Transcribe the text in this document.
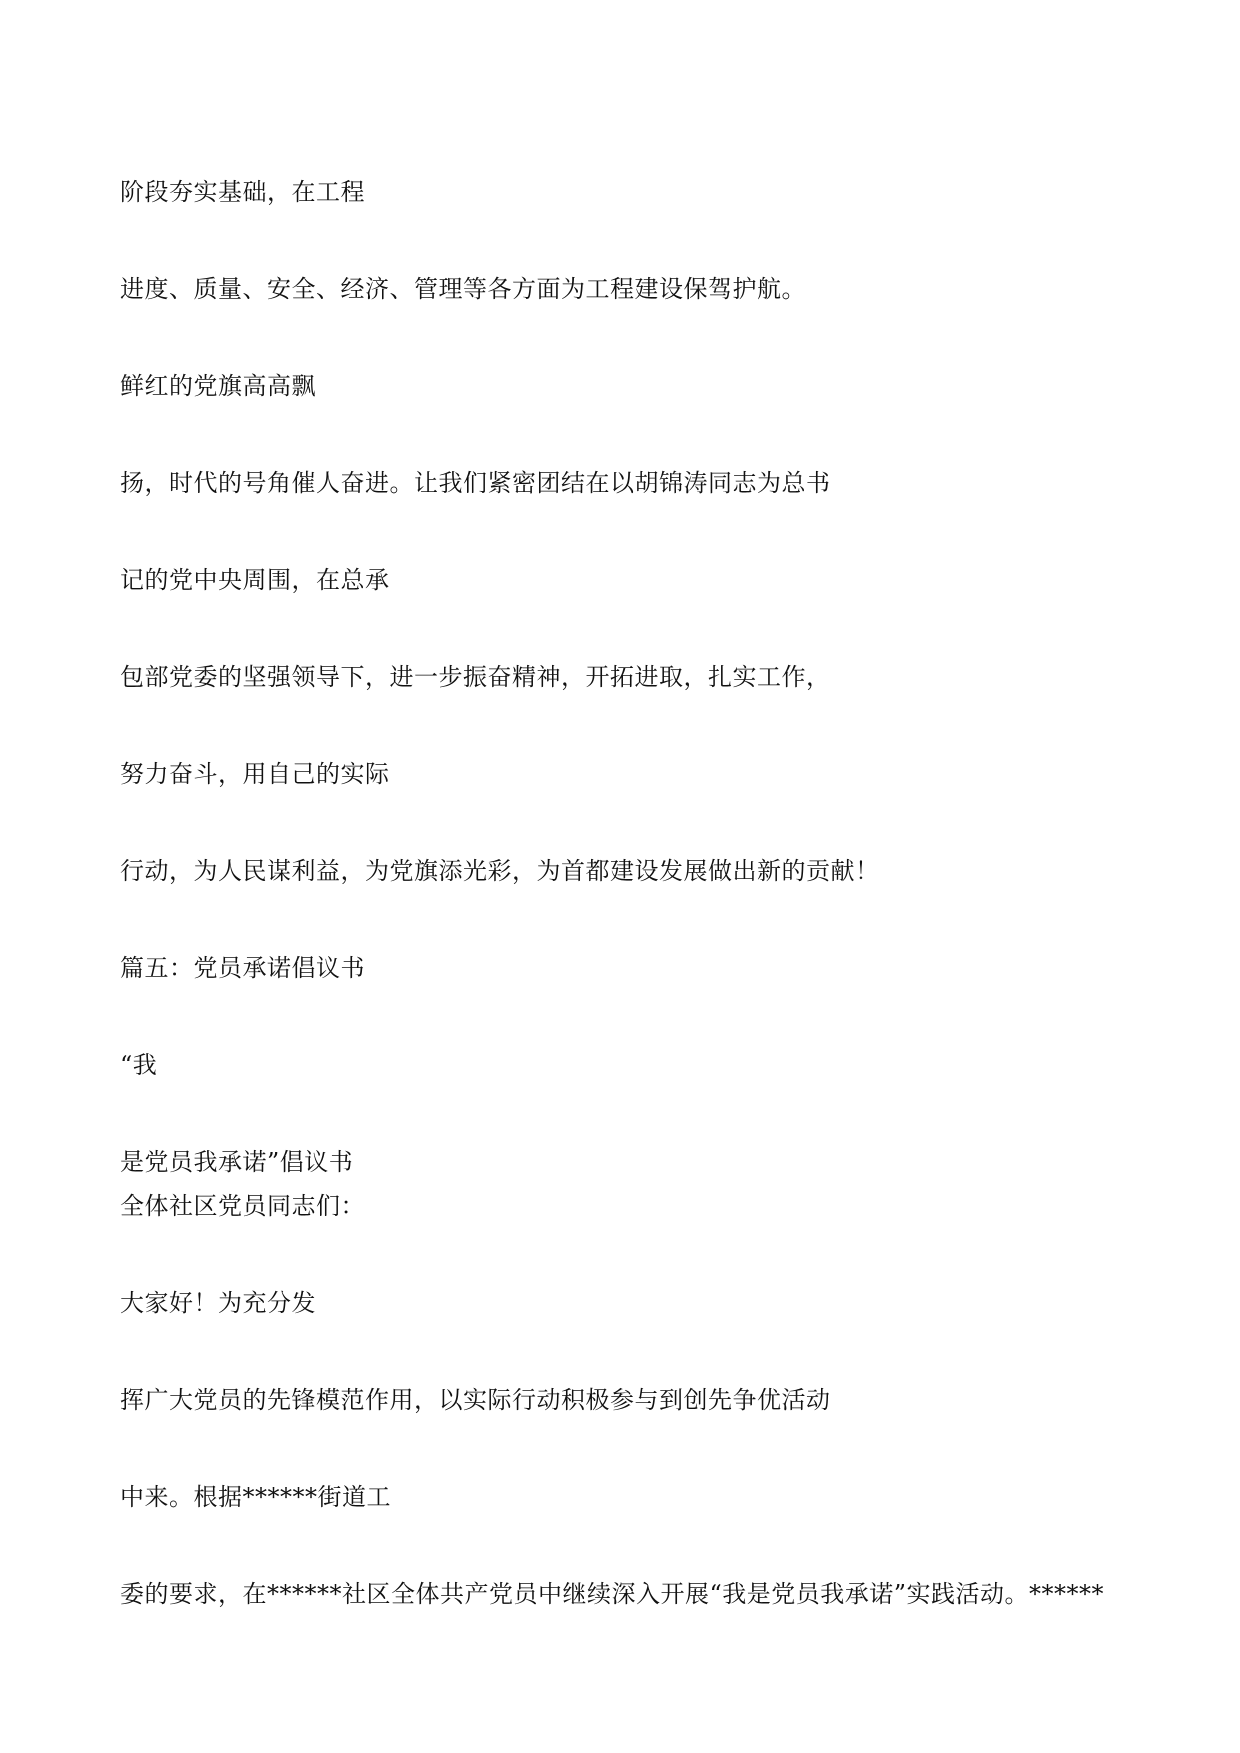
阶段夯实基础，在工程

进度、质量、安全、经济、管理等各方面为工程建设保驾护航。

鲜红的党旗高高飘

扬，时代的号角催人奋进。让我们紧密团结在以胡锦涛同志为总书

记的党中央周围，在总承

包部党委的坚强领导下，进一步振奋精神，开拓进取，扎实工作，

努力奋斗，用自己的实际

行动，为人民谋利益，为党旗添光彩，为首都建设发展做出新的贡献！

篇五：党员承诺倡议书

“我

是党员我承诺”倡议书

全体社区党员同志们：

大家好！为充分发

挥广大党员的先锋模范作用，以实际行动积极参与到创先争优活动

中来。根据******街道工

委的要求，在******社区全体共产党员中继续深入开展“我是党员我承诺”实践活动。******
